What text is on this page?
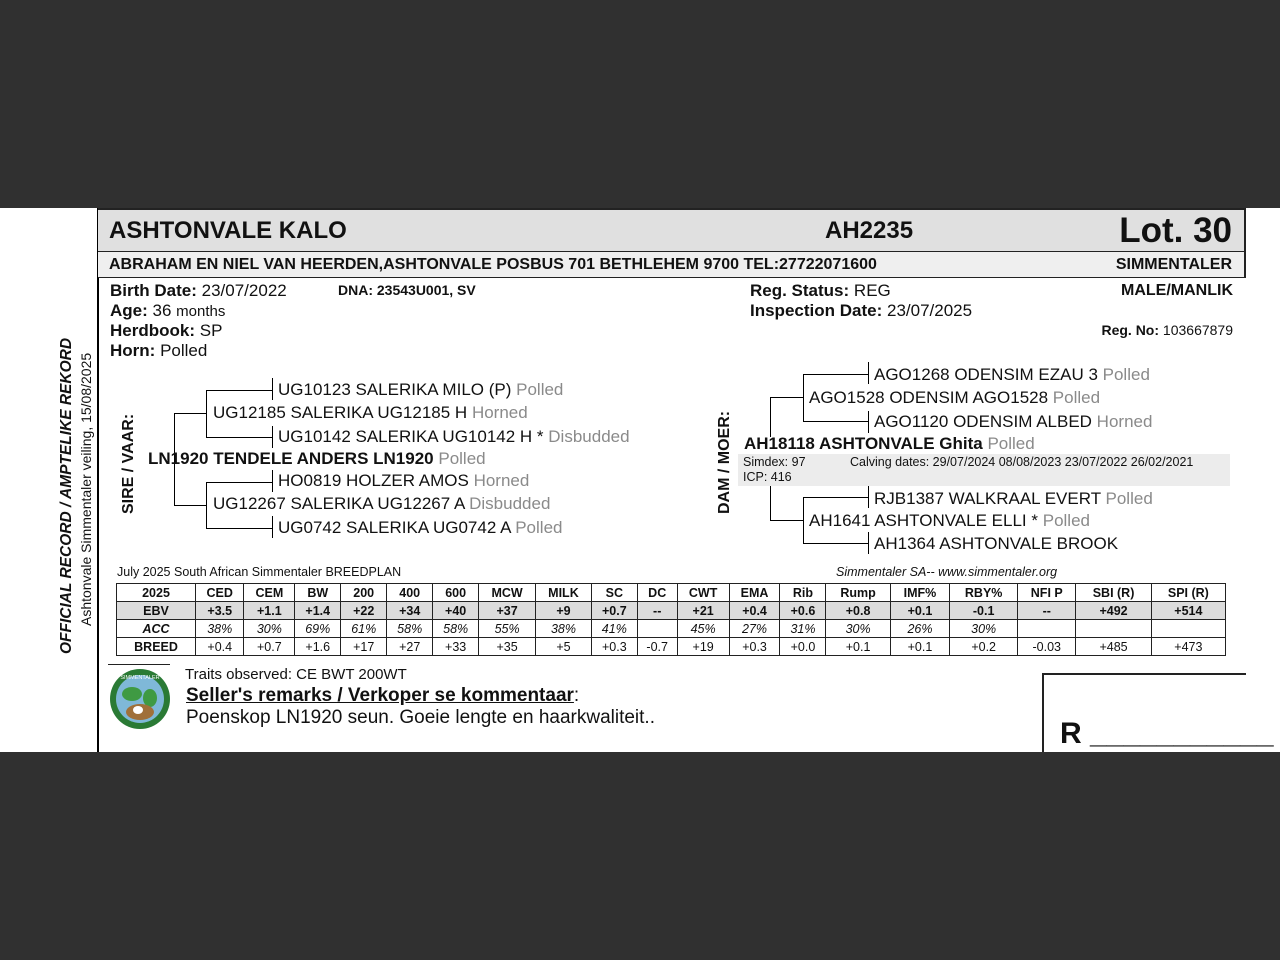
OFFICIAL RECORD / AMPTELIKE REKORD Ashtonvale Simmentaler veiling, 15/08/2025
ASHTONVALE KALO	AH2235	Lot. 30
ABRAHAM EN NIEL VAN HEERDEN,ASHTONVALE POSBUS 701 BETHLEHEM 9700 TEL:27722071600	SIMMENTALER
Birth Date: 23/07/2022	DNA: 23543U001, SV
Age: 36 months
Herdbook: SP
Horn: Polled
Reg. Status: REG
Inspection Date: 23/07/2025
MALE/MANLIK
Reg. No: 103667879
SIRE / VAAR:
UG10123 SALERIKA MILO (P) Polled
UG12185 SALERIKA UG12185 H Horned
UG10142 SALERIKA UG10142 H * Disbudded
LN1920 TENDELE ANDERS LN1920 Polled
HO0819 HOLZER AMOS Horned
UG12267 SALERIKA UG12267 A Disbudded
UG0742 SALERIKA UG0742 A Polled
DAM / MOER:
AGO1268 ODENSIM EZAU 3 Polled
AGO1528 ODENSIM AGO1528 Polled
AGO1120 ODENSIM ALBED Horned
AH18118 ASHTONVALE Ghita Polled
Simdex: 97	Calving dates: 29/07/2024 08/08/2023 23/07/2022 26/02/2021
ICP: 416
RJB1387 WALKRAAL EVERT Polled
AH1641 ASHTONVALE ELLI * Polled
AH1364 ASHTONVALE BROOK
July 2025 South African Simmentaler BREEDPLAN	Simmentaler SA-- www.simmentaler.org
2025	CED	CEM	BW	200	400	600	MCW	MILK	SC	DC	CWT	EMA	Rib	Rump	IMF%	RBY%	NFI P	SBI (R)	SPI (R)
EBV	+3.5	+1.1	+1.4	+22	+34	+40	+37	+9	+0.7	--	+21	+0.4	+0.6	+0.8	+0.1	-0.1	--	+492	+514
ACC	38%	30%	69%	61%	58%	58%	55%	38%	41%		45%	27%	31%	30%	26%	30%			
BREED	+0.4	+0.7	+1.6	+17	+27	+33	+35	+5	+0.3	-0.7	+19	+0.3	+0.0	+0.1	+0.1	+0.2	-0.03	+485	+473
SIMMENTALER Traits observed: CE BWT 200WT
Seller's remarks / Verkoper se kommentaar:
Poenskop LN1920 seun. Goeie lengte en haarkwaliteit..	R ___________
